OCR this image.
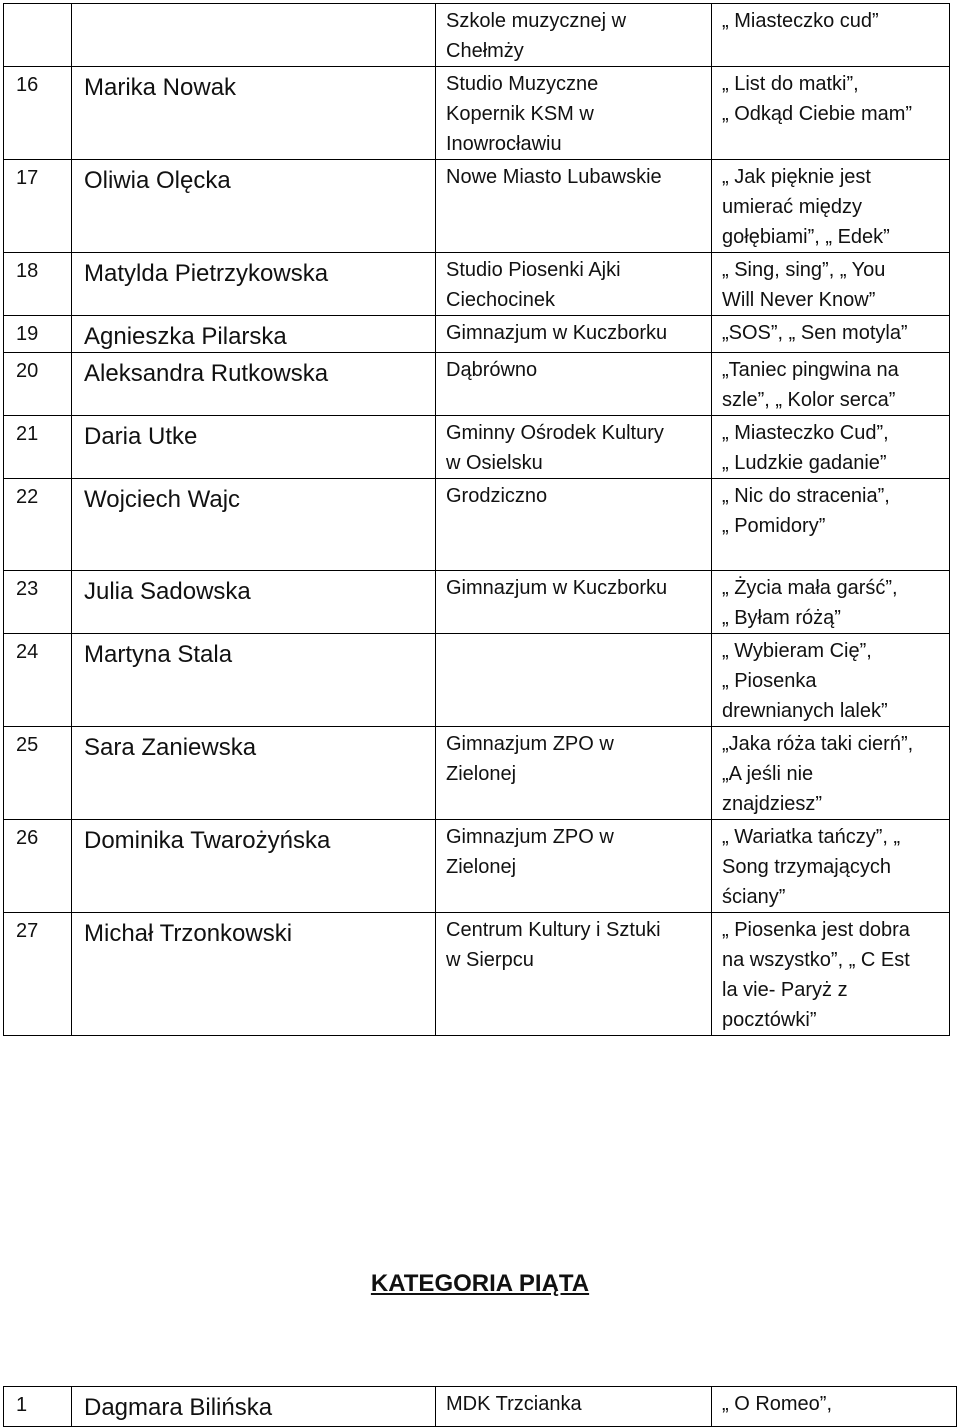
		Szkole muzycznej w
Chełmży	„ Miasteczko cud”
16	Marika Nowak	Studio Muzyczne
Kopernik KSM w
Inowrocławiu	„ List do matki”,
„ Odkąd Ciebie mam”
17	Oliwia Olęcka	Nowe Miasto Lubawskie	„ Jak pięknie jest
umierać między
gołębiami”, „ Edek”
18	Matylda Pietrzykowska	Studio Piosenki Ajki
Ciechocinek	„ Sing, sing”, „ You
Will Never Know”
19	Agnieszka Pilarska	Gimnazjum w Kuczborku	„SOS”, „ Sen motyla”
20	Aleksandra Rutkowska	Dąbrówno	„Taniec pingwina na
szle”, „ Kolor serca”
21	Daria Utke	Gminny Ośrodek Kultury
w Osielsku	„ Miasteczko Cud”,
„ Ludzkie gadanie”
22	Wojciech Wajc	Grodziczno	„ Nic do stracenia”,
„ Pomidory”
23	Julia Sadowska	Gimnazjum w Kuczborku	„ Życia mała garść”,
„ Byłam różą”
24	Martyna Stala		„ Wybieram Cię”,
„ Piosenka
drewnianych lalek”
25	Sara Zaniewska	Gimnazjum ZPO w
Zielonej	„Jaka róża taki cierń”,
„A jeśli nie
znajdziesz”
26	Dominika Twarożyńska	Gimnazjum ZPO w
Zielonej	„ Wariatka tańczy”, „
Song trzymających
ściany”
27	Michał Trzonkowski	Centrum Kultury i Sztuki
w Sierpcu	„ Piosenka jest dobra
na wszystko”, „ C Est
la vie- Paryż z
pocztówki”
KATEGORIA PIĄTA
1	Dagmara Bilińska	MDK Trzcianka	„ O Romeo”,
